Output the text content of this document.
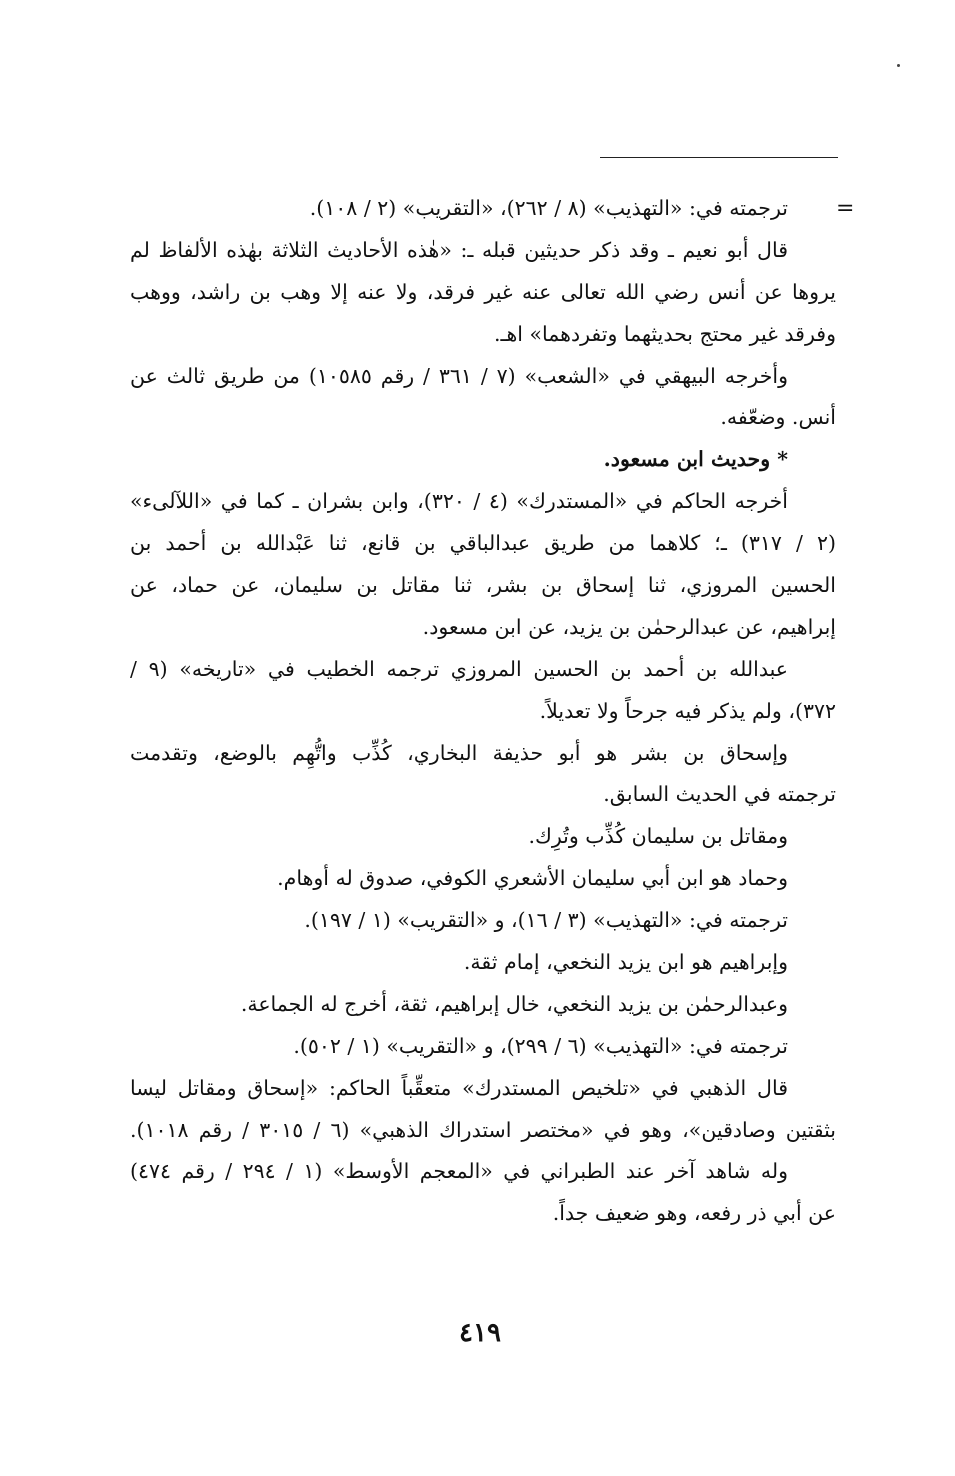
=
ترجمته في: «التهذيب» (٨ / ٢٦٢)، «التقريب» (٢ / ١٠٨).
قال أبو نعيم ـ وقد ذكر حديثين قبله ـ: «هٰذه الأحاديث الثلاثة بهٰذه الألفاظ لم
يروها عن أنس رضي الله تعالى عنه غير فرقد، ولا عنه إلا وهب بن راشد، ووهب
وفرقد غير محتج بحديثهما وتفردهما» اهـ.
وأخرجه البيهقي في «الشعب» (٧ / ٣٦١ / رقم ١٠٥٨٥) من طريق ثالث عن
أنس. وضعّفه.
* وحديث ابن مسعود.
أخرجه الحاكم في «المستدرك» (٤ / ٣٢٠)، وابن بشران ـ كما في «اللآلىء»
(٢ / ٣١٧) ـ؛ كلاهما من طريق عبدالباقي بن قانع، ثنا عَبْدالله بن أحمد بن
الحسين المروزي، ثنا إسحاق بن بشر، ثنا مقاتل بن سليمان، عن حماد، عن
إبراهيم، عن عبدالرحمٰن بن يزيد، عن ابن مسعود.
عبدالله بن أحمد بن الحسين المروزي ترجمه الخطيب في «تاريخه» (٩ /
٣٧٢)، ولم يذكر فيه جرحاً ولا تعديلاً.
وإسحاق بن بشر هو أبو حذيفة البخاري، كُذِّب واتُّهِم بالوضع، وتقدمت
ترجمته في الحديث السابق.
ومقاتل بن سليمان كُذِّب وتُرِك.
وحماد هو ابن أبي سليمان الأشعري الكوفي، صدوق له أوهام.
ترجمته في: «التهذيب» (٣ / ١٦)، و «التقريب» (١ / ١٩٧).
وإبراهيم هو ابن يزيد النخعي، إمام ثقة.
وعبدالرحمٰن بن يزيد النخعي، خال إبراهيم، ثقة، أخرج له الجماعة.
ترجمته في: «التهذيب» (٦ / ٢٩٩)، و «التقريب» (١ / ٥٠٢).
قال الذهبي في «تلخيص المستدرك» متعقِّباً الحاكم: «إسحاق ومقاتل ليسا
بثقتين وصادقين»، وهو في «مختصر استدراك الذهبي» (٦ / ٣٠١٥ / رقم ١٠١٨).
وله شاهد آخر عند الطبراني في «المعجم الأوسط» (١ / ٢٩٤ / رقم ٤٧٤)
عن أبي ذر رفعه، وهو ضعيف جداً.
٤١٩
